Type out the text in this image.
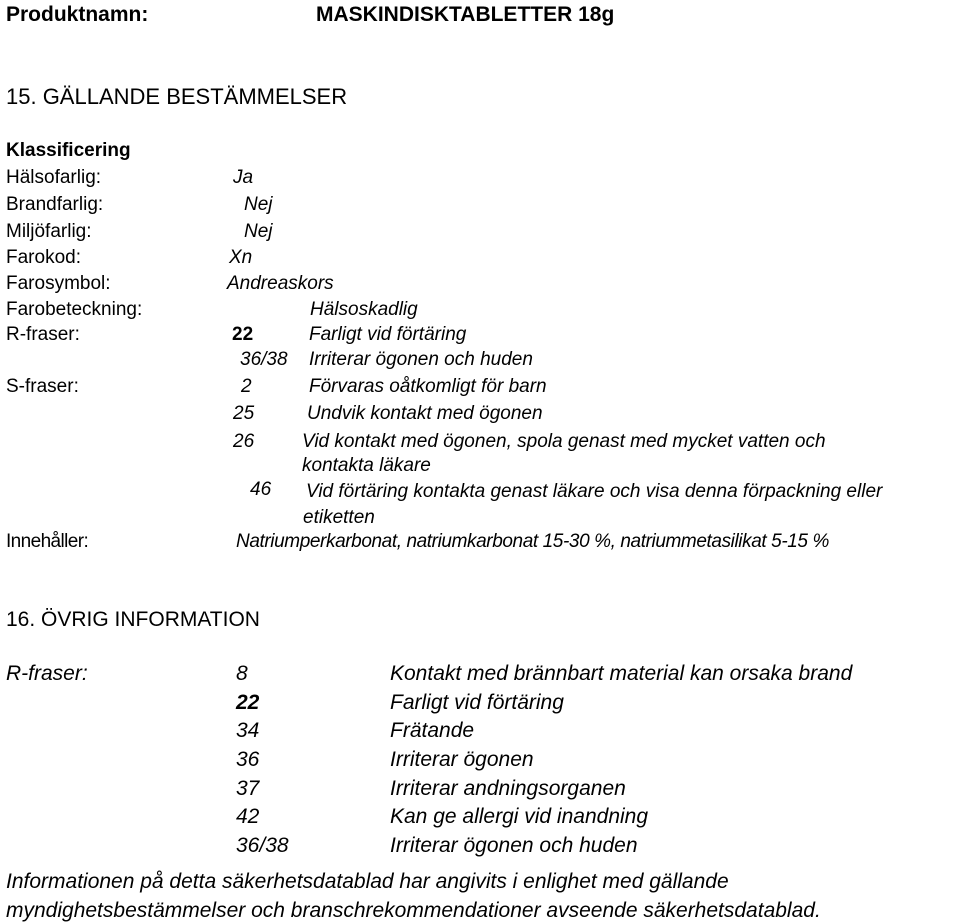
Produktnamn:	MASKINDISKTABLETTER 18g
15. GÄLLANDE BESTÄMMELSER
Klassificering
Hälsofarlig:	Ja
Brandfarlig:	Nej
Miljöfarlig:	Nej
Farokod:	Xn
Farosymbol:	Andreaskors
Farobeteckning:	Hälsoskadlig
R-fraser:	22	Farligt vid förtäring
36/38 Irriterar ögonen och huden
S-fraser:	2	Förvaras oåtkomligt för barn
25	Undvik kontakt med ögonen
26	Vid kontakt med ögonen, spola genast med mycket vatten och
kontakta läkare
46 Vid förtäring kontakta genast läkare och visa denna förpackning eller
etiketten
Innehåller:	Natriumperkarbonat, natriumkarbonat 15-30 %, natriummetasilikat 5-15 %
16. ÖVRIG INFORMATION
R-fraser:	8	Kontakt med brännbart material kan orsaka brand
22	Farligt vid förtäring
34	Frätande
36	Irriterar ögonen
37	Irriterar andningsorganen
42	Kan ge allergi vid inandning
36/38	Irriterar ögonen och huden
Informationen på detta säkerhetsdatablad har angivits i enlighet med gällande
myndighetsbestämmelser och branschrekommendationer avseende säkerhetsdatablad.
